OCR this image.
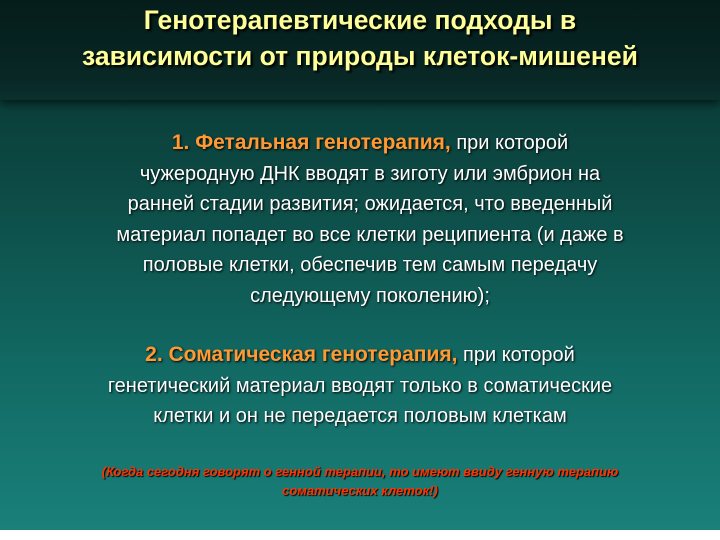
Генотерапевтические подходы в
зависимости от природы клеток-мишеней
1. Фетальная генотерапия, при которой
чужеродную ДНК вводят в зиготу или эмбрион на
ранней стадии развития; ожидается, что введенный
материал попадет во все клетки реципиента (и даже в
половые клетки, обеспечив тем самым передачу
следующему поколению);
2. Соматическая генотерапия, при которой
генетический материал вводят только в соматические
клетки и он не передается половым клеткам
(Когда сегодня говорят о генной терапии, то имеют ввиду генную терапию
соматических клеток!)
